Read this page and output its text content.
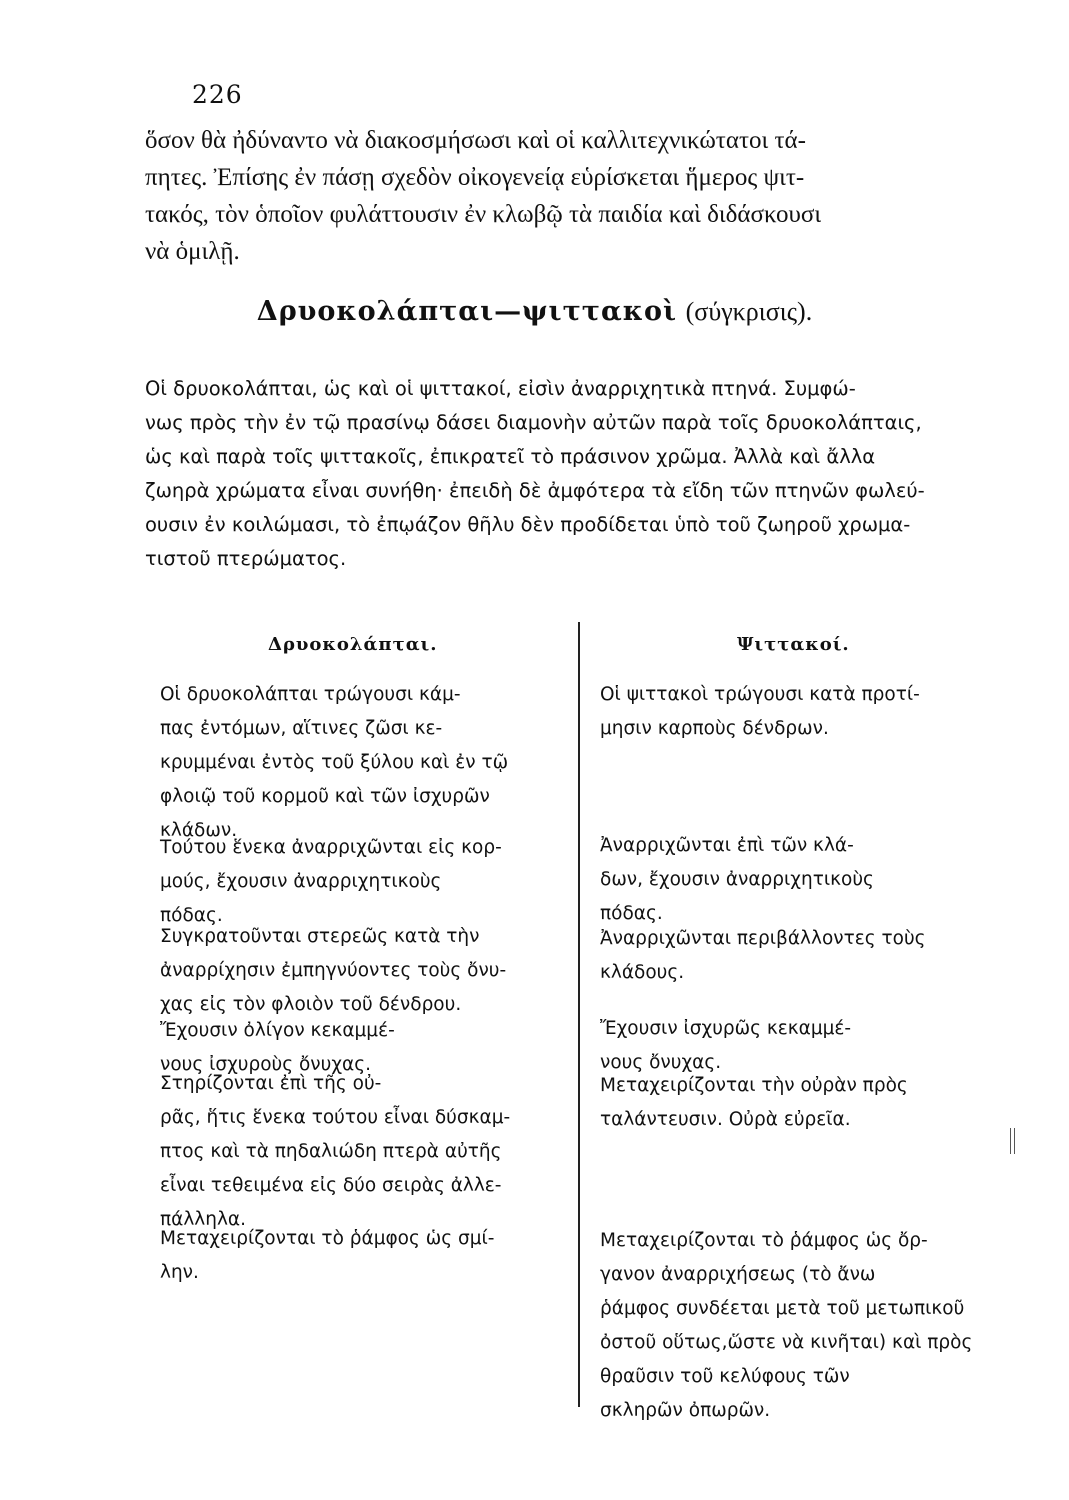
226
ὅσον θὰ ἠδύναντο νὰ διακοσμήσωσι καὶ οἱ καλλιτεχνικώτατοι τά-
πητες. Ἐπίσης ἐν πάσῃ σχεδὸν οἰκογενείᾳ εὑρίσκεται ἥμερος ψιτ-
τακός, τὸν ὁποῖον φυλάττουσιν ἐν κλωβῷ τὰ παιδία καὶ διδάσκουσι
νὰ ὁμιλῇ.
Δρυοκολάπται—ψιττακοὶ (σύγκρισις).
Οἱ δρυοκολάπται, ὡς καὶ οἱ ψιττακοί, εἰσὶν ἀναρριχητικὰ πτηνά. Συμφώ-
νως πρὸς τὴν ἐν τῷ πρασίνῳ δάσει διαμονὴν αὐτῶν παρὰ τοῖς δρυοκολάπταις,
ὡς καὶ παρὰ τοῖς ψιττακοῖς, ἐπικρατεῖ τὸ πράσινον χρῶμα. Ἀλλὰ καὶ ἄλλα
ζωηρὰ χρώματα εἶναι συνήθη· ἐπειδὴ δὲ ἀμφότερα τὰ εἴδη τῶν πτηνῶν φωλεύ-
ουσιν ἐν κοιλώμασι, τὸ ἐπῳάζον θῆλυ δὲν προδίδεται ὑπὸ τοῦ ζωηροῦ χρωμα-
τιστοῦ πτερώματος.
Δρυοκολάπται.	Ψιττακοί.
Οἱ δρυοκολάπται τρώγουσι κάμ-
πας ἐντόμων, αἵτινες ζῶσι κε-
κρυμμέναι ἐντὸς τοῦ ξύλου καὶ ἐν τῷ
φλοιῷ τοῦ κορμοῦ καὶ τῶν ἰσχυρῶν
κλάδων.
Τούτου ἕνεκα ἀναρριχῶνται εἰς κορ-
μούς, ἔχουσιν ἀναρριχητικοὺς
πόδας.
Συγκρατοῦνται στερεῶς κατὰ τὴν
ἀναρρίχησιν ἐμπηγνύοντες τοὺς ὄνυ-
χας εἰς τὸν φλοιὸν τοῦ δένδρου.
Ἔχουσιν ὀλίγον κεκαμμέ-
νους ἰσχυροὺς ὄνυχας.
Στηρίζονται ἐπὶ τῆς οὐ-
ρᾶς, ἥτις ἕνεκα τούτου εἶναι δύσκαμ-
πτος καὶ τὰ πηδαλιώδη πτερὰ αὐτῆς
εἶναι τεθειμένα εἰς δύο σειρὰς ἀλλε-
πάλληλα.
Μεταχειρίζονται τὸ ῥάμφος ὡς σμί-
λην.
Οἱ ψιττακοὶ τρώγουσι κατὰ προτί-
μησιν καρποὺς δένδρων.
Ἀναρριχῶνται ἐπὶ τῶν κλά-
δων, ἔχουσιν ἀναρριχητικοὺς
πόδας.
Ἀναρριχῶνται περιβάλλοντες τοὺς
κλάδους.
Ἔχουσιν ἰσχυρῶς κεκαμμέ-
νους ὄνυχας.
Μεταχειρίζονται τὴν οὐρὰν πρὸς
ταλάντευσιν. Οὐρὰ εὐρεῖα.
Μεταχειρίζονται τὸ ῥάμφος ὡς ὄρ-
γανον ἀναρριχήσεως (τὸ ἄνω
ῥάμφος συνδέεται μετὰ τοῦ μετωπικοῦ
ὀστοῦ οὕτως,ὥστε νὰ κινῆται) καὶ πρὸς
θραῦσιν τοῦ κελύφους τῶν
σκληρῶν ὀπωρῶν.
